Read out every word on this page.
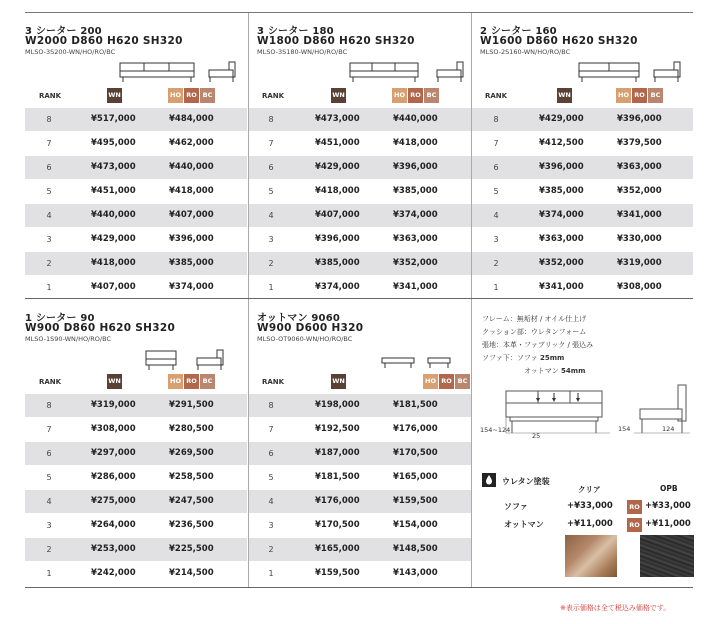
3 シーター 200
W2000 D860 H620 SH320
MLSO-3S200-WN/HO/RO/BC
RANK	WN	HO RO BC
8	¥517,000	¥484,000
7	¥495,000	¥462,000
6	¥473,000	¥440,000
5	¥451,000	¥418,000
4	¥440,000	¥407,000
3	¥429,000	¥396,000
2	¥418,000	¥385,000
1	¥407,000	¥374,000
3 シーター 180
W1800 D860 H620 SH320
MLSO-3S180-WN/HO/RO/BC
RANK	WN	HO RO BC
8	¥473,000	¥440,000
7	¥451,000	¥418,000
6	¥429,000	¥396,000
5	¥418,000	¥385,000
4	¥407,000	¥374,000
3	¥396,000	¥363,000
2	¥385,000	¥352,000
1	¥374,000	¥341,000
2 シーター 160
W1600 D860 H620 SH320
MLSO-2S160-WN/HO/RO/BC
RANK	WN	HO RO BC
8	¥429,000	¥396,000
7	¥412,500	¥379,500
6	¥396,000	¥363,000
5	¥385,000	¥352,000
4	¥374,000	¥341,000
3	¥363,000	¥330,000
2	¥352,000	¥319,000
1	¥341,000	¥308,000
1 シーター 90
W900 D860 H620 SH320
MLSO-1S90-WN/HO/RO/BC
RANK	WN	HO RO BC
8	¥319,000	¥291,500
7	¥308,000	¥280,500
6	¥297,000	¥269,500
5	¥286,000	¥258,500
4	¥275,000	¥247,500
3	¥264,000	¥236,500
2	¥253,000	¥225,500
1	¥242,000	¥214,500
オットマン 9060
W900 D600 H320
MLSO-OT9060-WN/HO/RO/BC
RANK	WN	HO RO BC
8	¥198,000	¥181,500
7	¥192,500	¥176,000
6	¥187,000	¥170,500
5	¥181,500	¥165,000
4	¥176,000	¥159,500
3	¥170,500	¥154,000
2	¥165,000	¥148,500
1	¥159,500	¥143,000
フレーム：無垢材 / オイル仕上げ
クッション部：ウレタンフォーム
張地：本革・ファブリック / 張込み
ソファ下：ソファ 25mm
オットマン 54mm
154~124
25
154	124
ウレタン塗装
クリア	OPB
ソファ	+¥33,000	RO +¥33,000
オットマン	+¥11,000	RO +¥11,000
※表示価格は全て税込み価格です。
